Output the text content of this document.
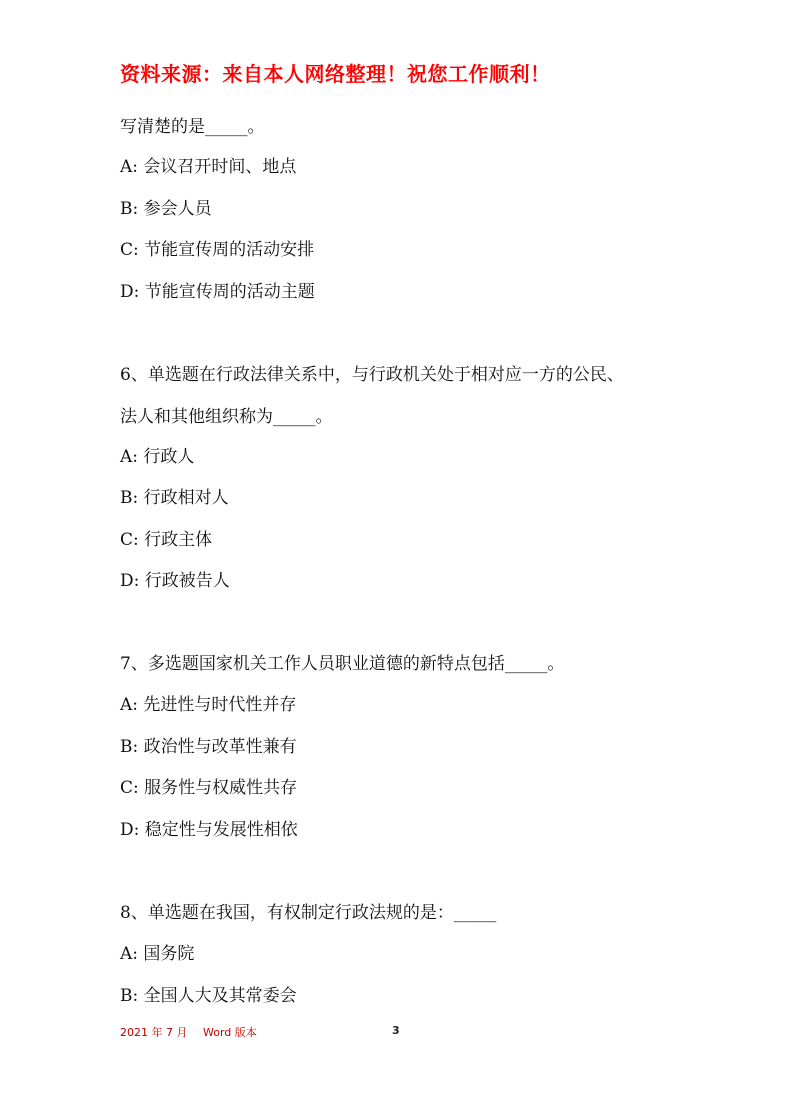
资料来源：来自本人网络整理！祝您工作顺利！
写清楚的是_____。
A: 会议召开时间、地点
B: 参会人员
C: 节能宣传周的活动安排
D: 节能宣传周的活动主题
6、单选题在行政法律关系中，与行政机关处于相对应一方的公民、
法人和其他组织称为_____。
A: 行政人
B: 行政相对人
C: 行政主体
D: 行政被告人
7、多选题国家机关工作人员职业道德的新特点包括_____。
A: 先进性与时代性并存
B: 政治性与改革性兼有
C: 服务性与权威性共存
D: 稳定性与发展性相依
8、单选题在我国，有权制定行政法规的是：_____
A: 国务院
B: 全国人大及其常委会
2021 年 7 月 Word 版本	3
